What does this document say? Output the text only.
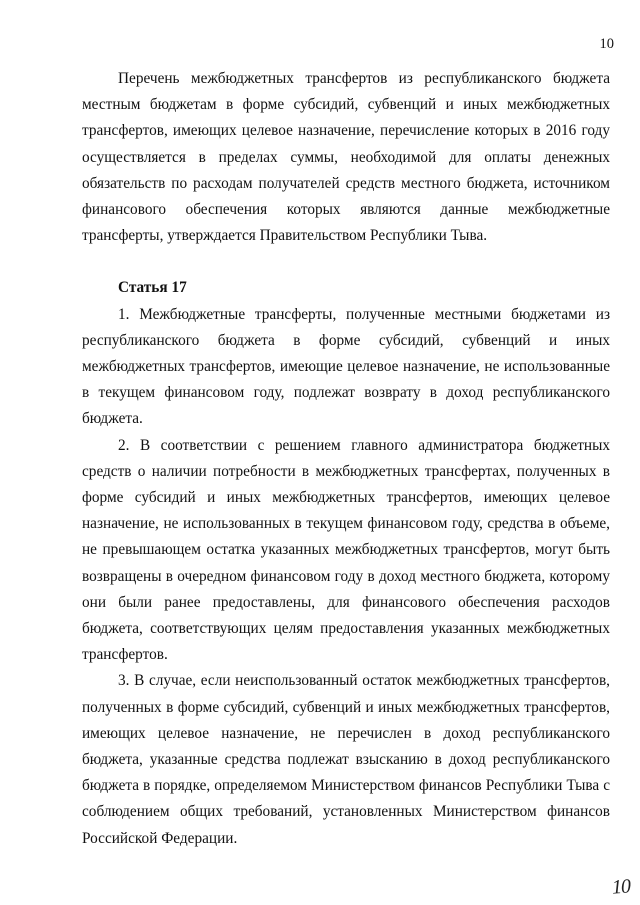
10

Перечень межбюджетных трансфертов из республиканского бюджета местным бюджетам в форме субсидий, субвенций и иных межбюджетных трансфертов, имеющих целевое назначение, перечисление которых в 2016 году осуществляется в пределах суммы, необходимой для оплаты денежных обязательств по расходам получателей средств местного бюджета, источником финансового обеспечения которых являются данные межбюджетные трансферты, утверждается Правительством Республики Тыва.

Статья 17

1. Межбюджетные трансферты, полученные местными бюджетами из республиканского бюджета в форме субсидий, субвенций и иных межбюджетных трансфертов, имеющие целевое назначение, не использованные в текущем финансовом году, подлежат возврату в доход республиканского бюджета.

2. В соответствии с решением главного администратора бюджетных средств о наличии потребности в межбюджетных трансфертах, полученных в форме субсидий и иных межбюджетных трансфертов, имеющих целевое назначение, не использованных в текущем финансовом году, средства в объеме, не превышающем остатка указанных межбюджетных трансфертов, могут быть возвращены в очередном финансовом году в доход местного бюджета, которому они были ранее предоставлены, для финансового обеспечения расходов бюджета, соответствующих целям предоставления указанных межбюджетных трансфертов.

3. В случае, если неиспользованный остаток межбюджетных трансфертов, полученных в форме субсидий, субвенций и иных межбюджетных трансфертов, имеющих целевое назначение, не перечислен в доход республиканского бюджета, указанные средства подлежат взысканию в доход республиканского бюджета в порядке, определяемом Министерством финансов Республики Тыва с соблюдением общих требований, установленных Министерством финансов Российской Федерации.

10
